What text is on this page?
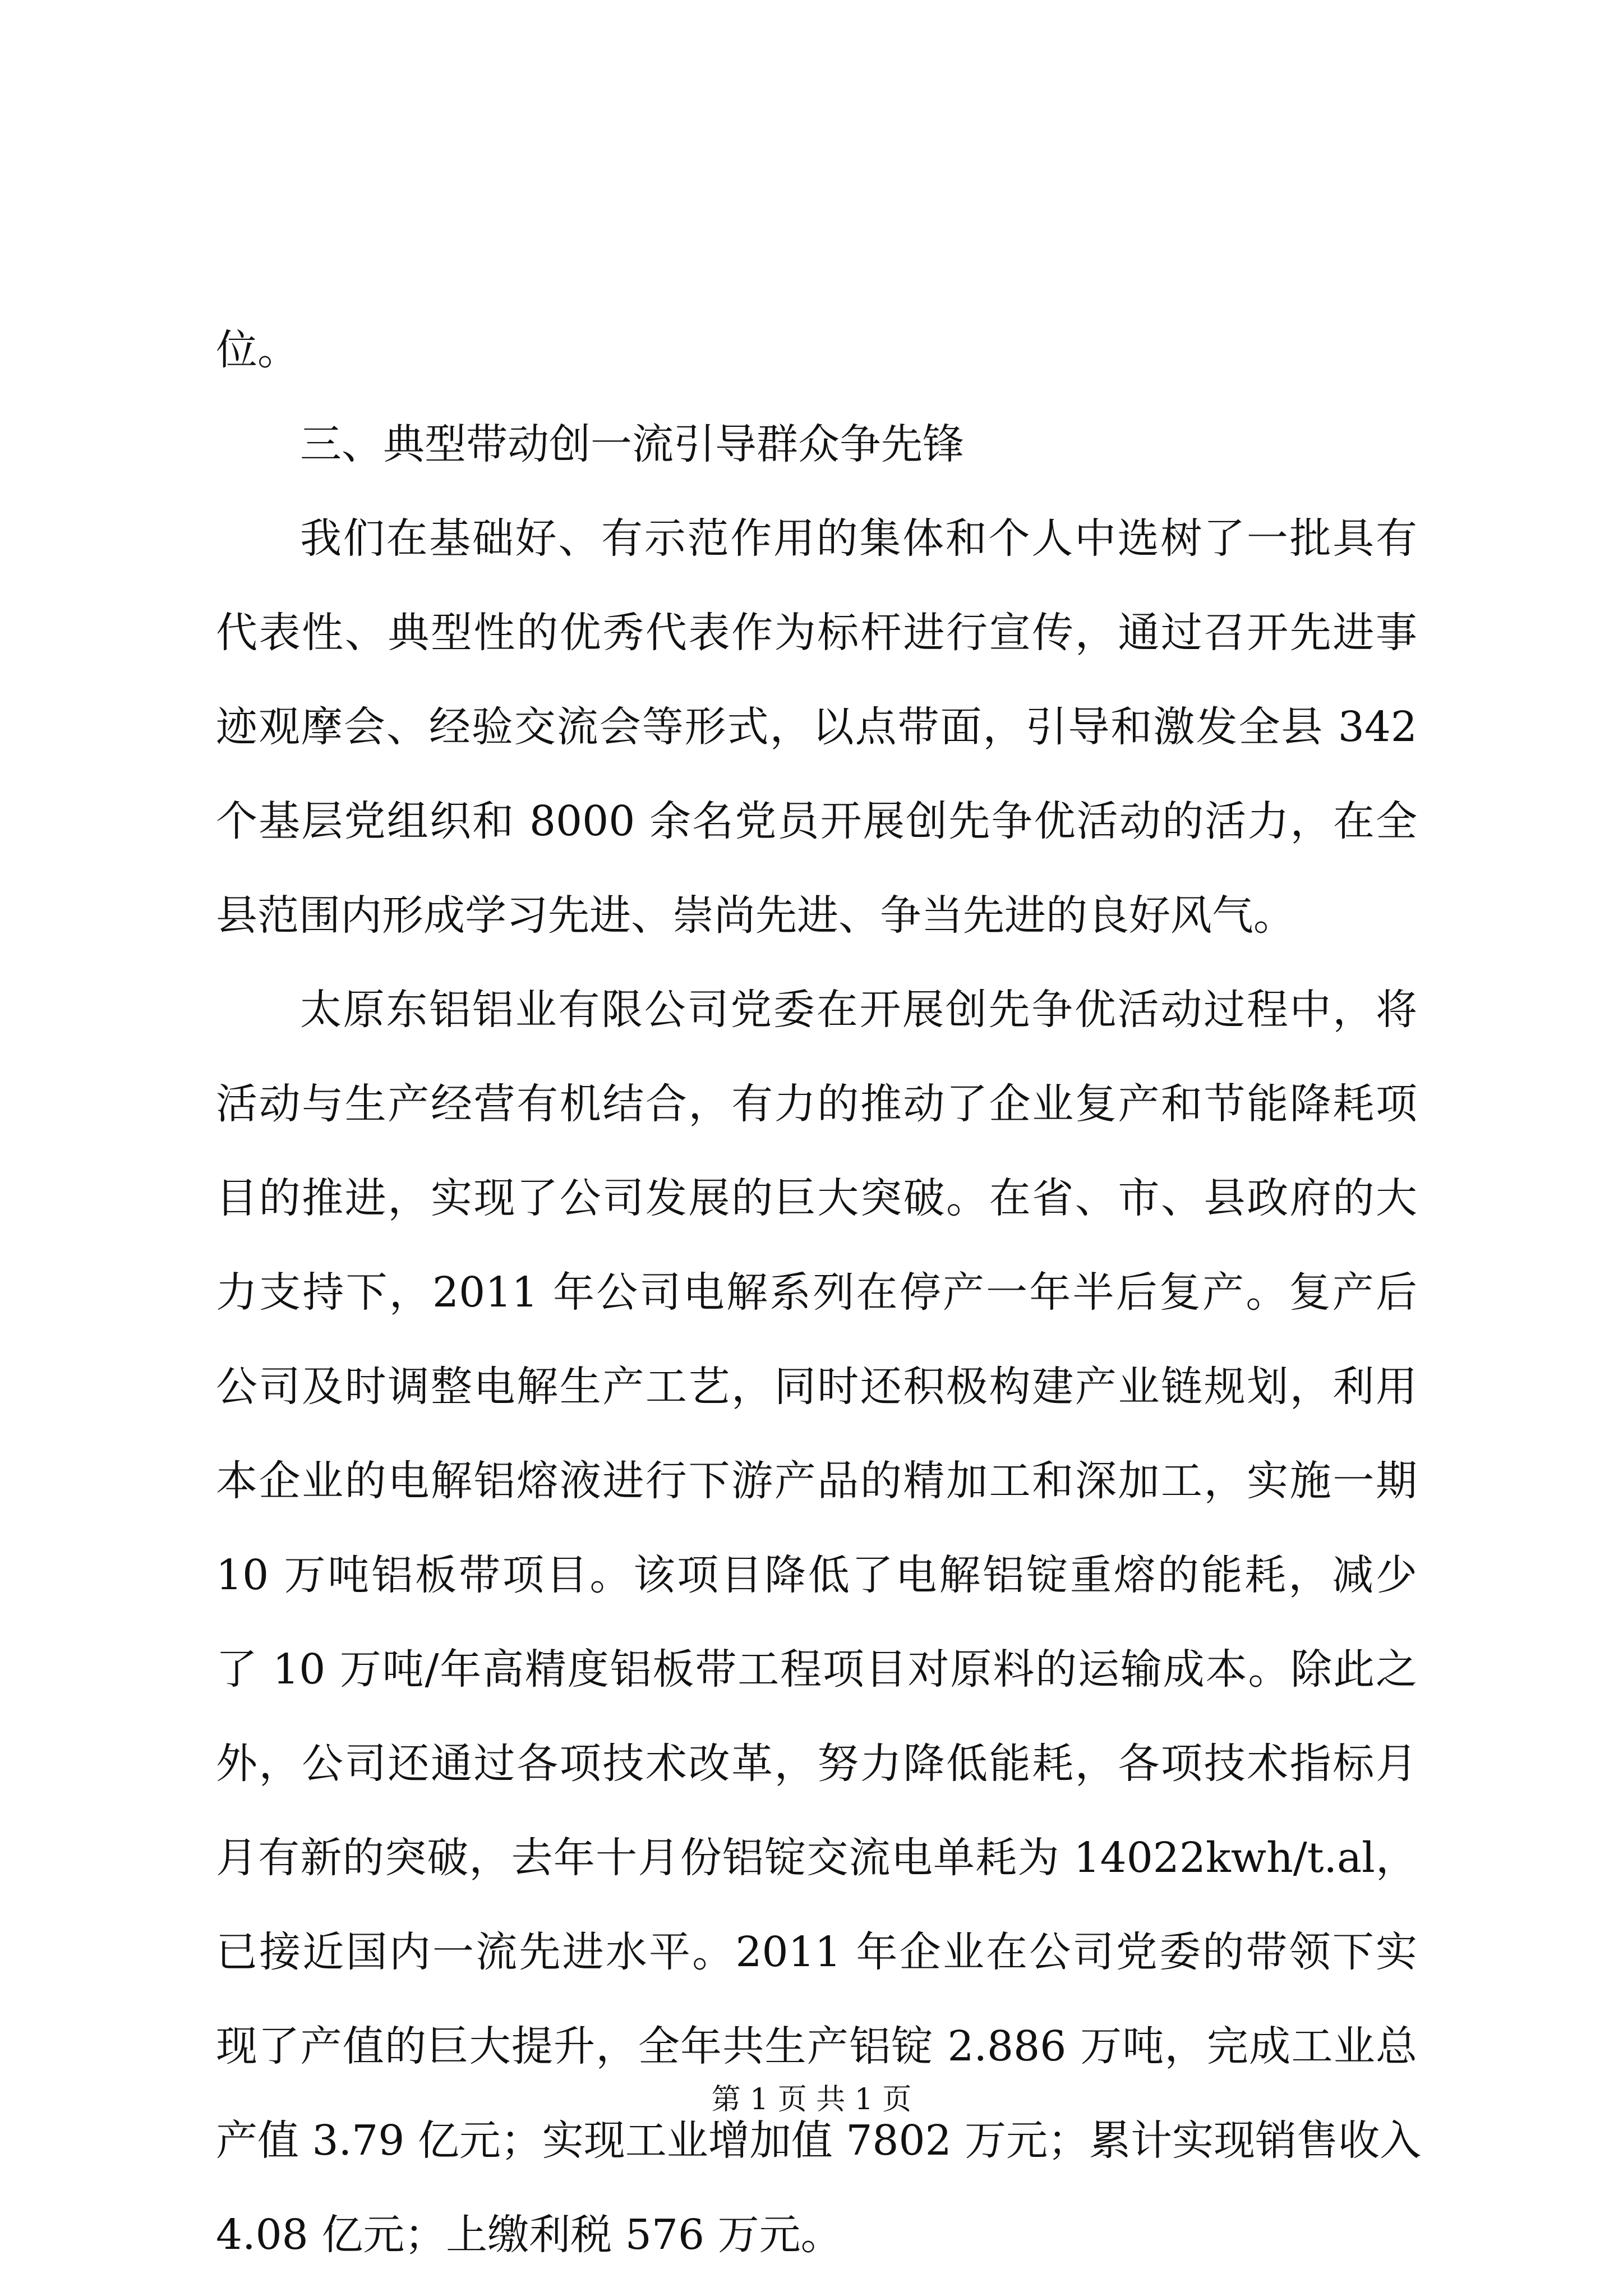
位。
三、典型带动创一流引导群众争先锋
我们在基础好、有示范作用的集体和个人中选树了一批具有
代表性、典型性的优秀代表作为标杆进行宣传，通过召开先进事
迹观摩会、经验交流会等形式，以点带面，引导和激发全县 342
个基层党组织和 8000 余名党员开展创先争优活动的活力，在全
县范围内形成学习先进、崇尚先进、争当先进的良好风气。
太原东铝铝业有限公司党委在开展创先争优活动过程中，将
活动与生产经营有机结合，有力的推动了企业复产和节能降耗项
目的推进，实现了公司发展的巨大突破。在省、市、县政府的大
力支持下，2011 年公司电解系列在停产一年半后复产。复产后
公司及时调整电解生产工艺，同时还积极构建产业链规划，利用
本企业的电解铝熔液进行下游产品的精加工和深加工，实施一期
10 万吨铝板带项目。该项目降低了电解铝锭重熔的能耗，减少
了 10 万吨/年高精度铝板带工程项目对原料的运输成本。除此之
外，公司还通过各项技术改革，努力降低能耗，各项技术指标月
月有新的突破，去年十月份铝锭交流电单耗为 14022kwh/t.al，
已接近国内一流先进水平。2011 年企业在公司党委的带领下实
现了产值的巨大提升，全年共生产铝锭 2.886 万吨，完成工业总
产值 3.79 亿元；实现工业增加值 7802 万元；累计实现销售收入
4.08 亿元；上缴利税 576 万元。
第 1 页 共 1 页
